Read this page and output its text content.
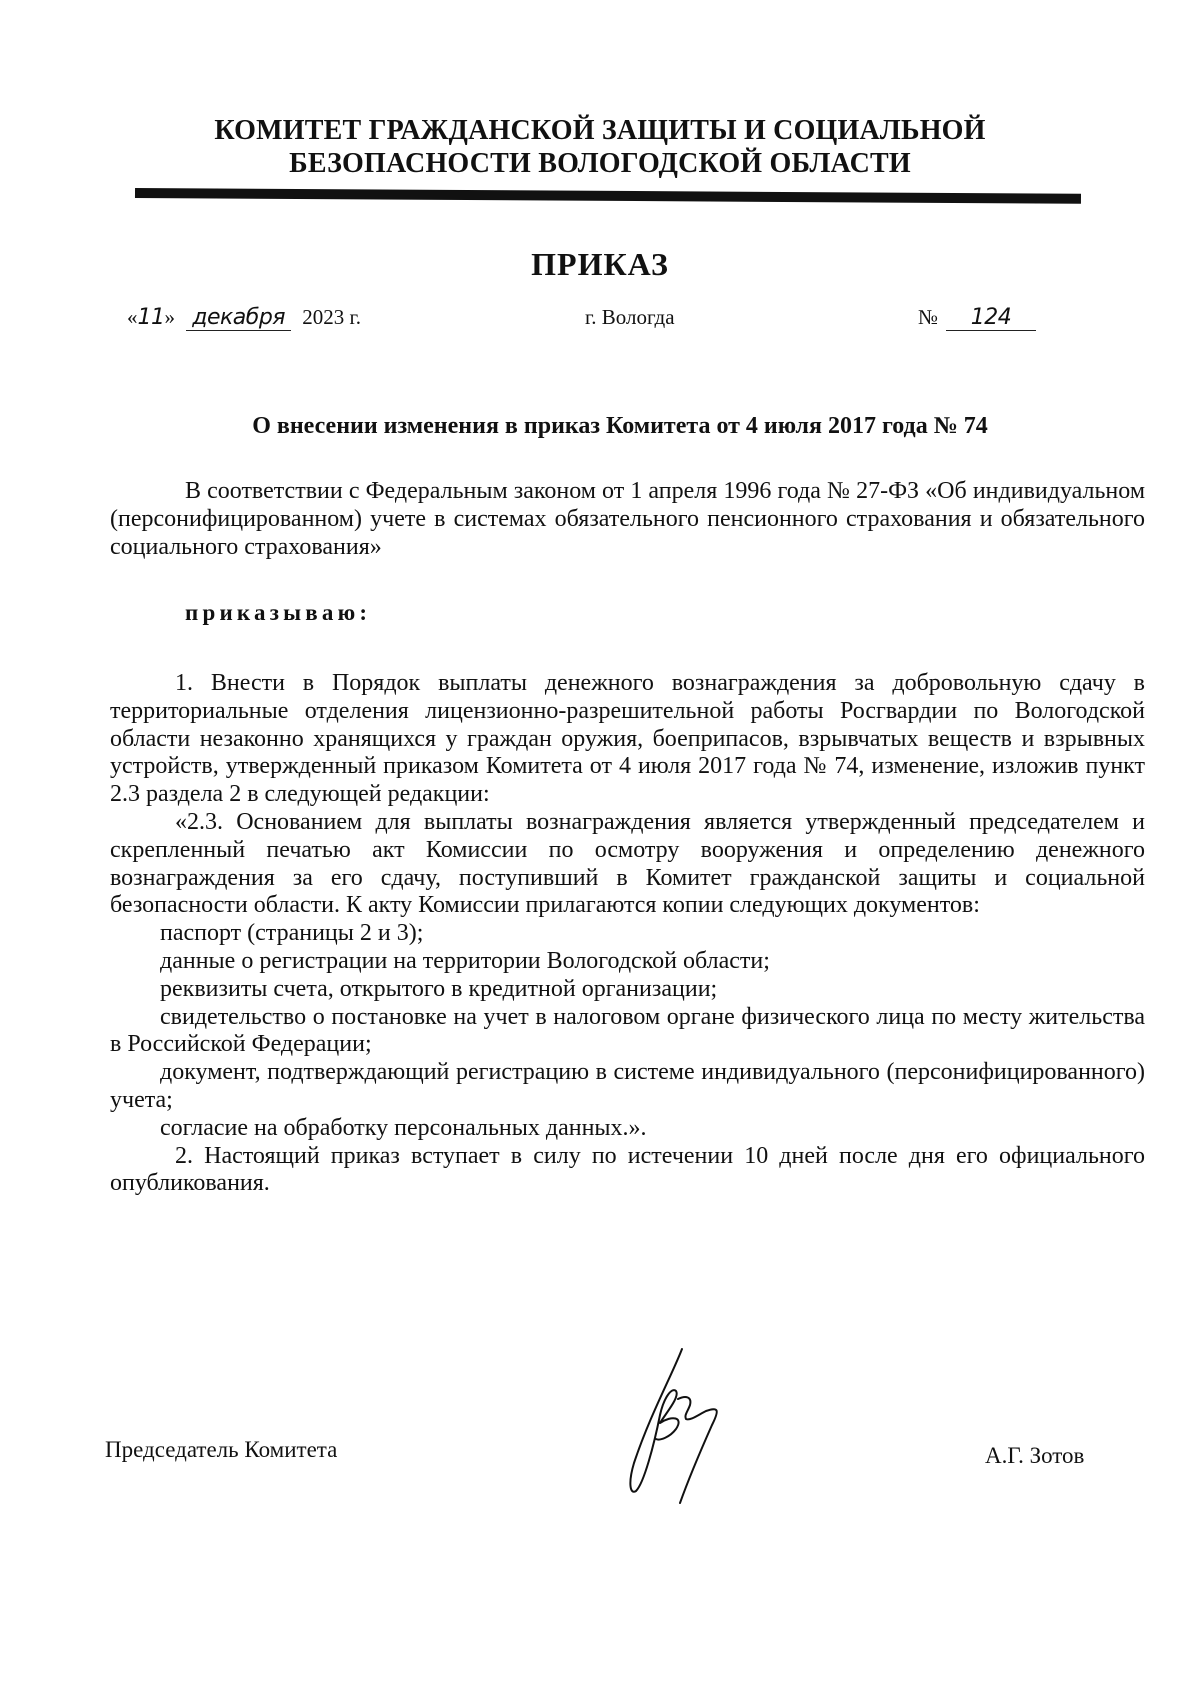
КОМИТЕТ ГРАЖДАНСКОЙ ЗАЩИТЫ И СОЦИАЛЬНОЙ
БЕЗОПАСНОСТИ ВОЛОГОДСКОЙ ОБЛАСТИ
ПРИКАЗ
«11» декабря 2023 г.	г. Вологда	№ 124
О внесении изменения в приказ Комитета от 4 июля 2017 года № 74
В соответствии с Федеральным законом от 1 апреля 1996 года № 27-ФЗ «Об индивидуальном (персонифицированном) учете в системах обязательного пенсионного страхования и обязательного социального страхования»
приказываю:

1. Внести в Порядок выплаты денежного вознаграждения за добровольную сдачу в территориальные отделения лицензионно-разрешительной работы Росгвардии по Вологодской области незаконно хранящихся у граждан оружия, боеприпасов, взрывчатых веществ и взрывных устройств, утвержденный приказом Комитета от 4 июля 2017 года № 74, изменение, изложив пункт 2.3 раздела 2 в следующей редакции:

«2.3. Основанием для выплаты вознаграждения является утвержденный председателем и скрепленный печатью акт Комиссии по осмотру вооружения и определению денежного вознаграждения за его сдачу, поступивший в Комитет гражданской защиты и социальной безопасности области. К акту Комиссии прилагаются копии следующих документов:

паспорт (страницы 2 и 3);

данные о регистрации на территории Вологодской области;

реквизиты счета, открытого в кредитной организации;

свидетельство о постановке на учет в налоговом органе физического лица по месту жительства в Российской Федерации;

документ, подтверждающий регистрацию в системе индивидуального (персонифицированного) учета;

согласие на обработку персональных данных.».

2. Настоящий приказ вступает в силу по истечении 10 дней после дня его официального опубликования.

Председатель Комитета	А.Г. Зотов
